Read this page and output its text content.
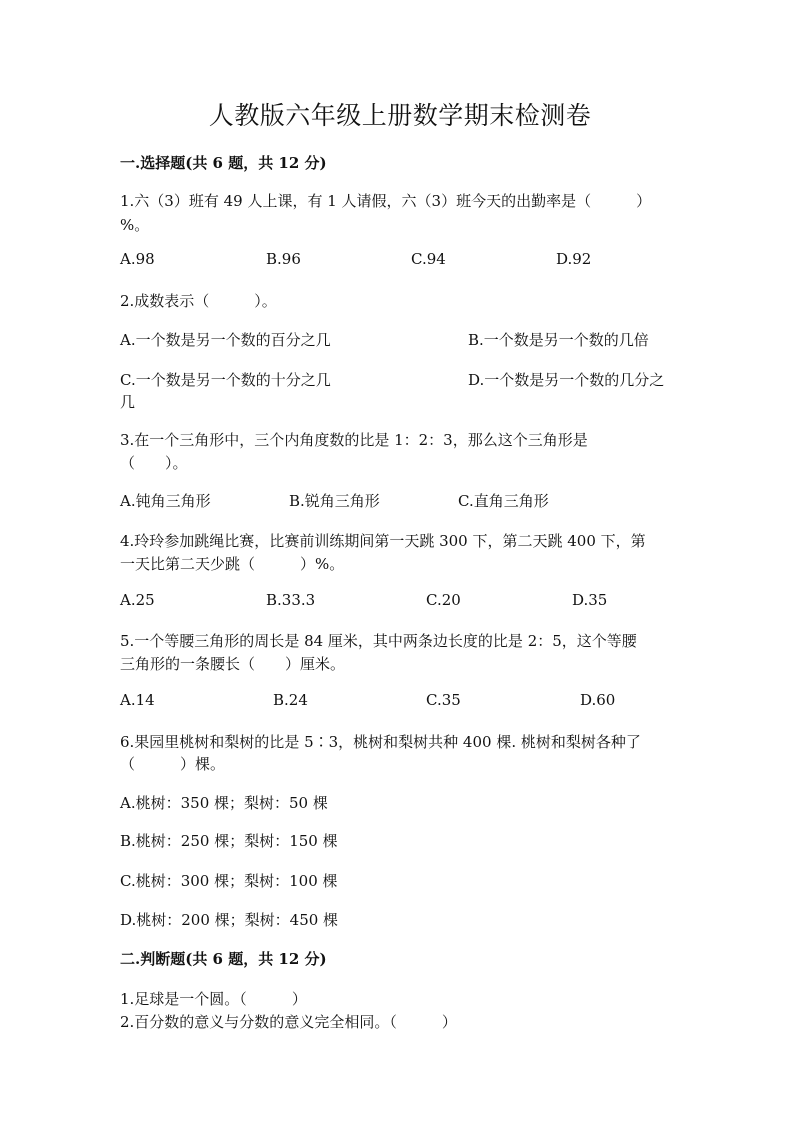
人教版六年级上册数学期末检测卷
一.选择题(共 6 题，共 12 分)
1.六（3）班有 49 人上课，有 1 人请假，六（3）班今天的出勤率是（　　　）
%。
A.98	B.96	C.94	D.92
2.成数表示（　　　）。
A.一个数是另一个数的百分之几	B.一个数是另一个数的几倍
C.一个数是另一个数的十分之几	D.一个数是另一个数的几分之
几
3.在一个三角形中，三个内角度数的比是 1：2：3，那么这个三角形是
（　　）。
A.钝角三角形	B.锐角三角形	C.直角三角形
4.玲玲参加跳绳比赛，比赛前训练期间第一天跳 300 下，第二天跳 400 下，第
一天比第二天少跳（　　　）%。
A.25	B.33.3	C.20	D.35
5.一个等腰三角形的周长是 84 厘米，其中两条边长度的比是 2：5，这个等腰
三角形的一条腰长（　　）厘米。
A.14	B.24	C.35	D.60
6.果园里桃树和梨树的比是 5∶3，桃树和梨树共种 400 棵. 桃树和梨树各种了
（　　　）棵。
A.桃树：350 棵；梨树：50 棵
B.桃树：250 棵；梨树：150 棵
C.桃树：300 棵；梨树：100 棵
D.桃树：200 棵；梨树：450 棵
二.判断题(共 6 题，共 12 分)
1.足球是一个圆。（　　　）
2.百分数的意义与分数的意义完全相同。（　　　）
